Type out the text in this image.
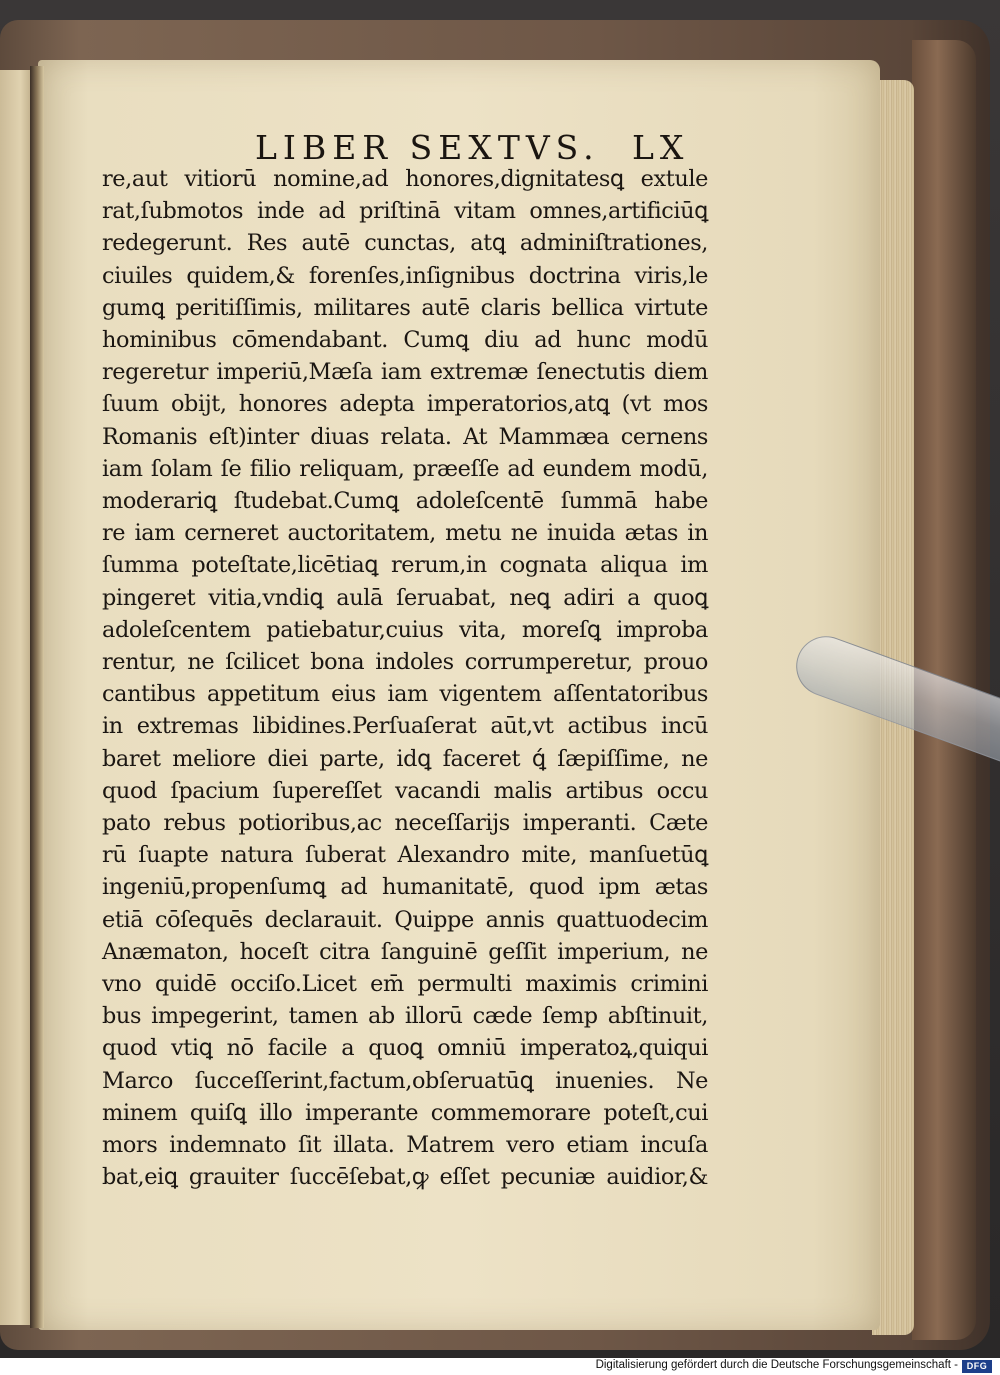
LIBER SEXTVS. LX
re,aut vitiorū nomine,ad honores,dignitatesꝗ extule
rat,ſubmotos inde ad priſtinā vitam omnes,artificiūꝗ
redegerunt. Res autē cunctas, atꝗ adminiſtrationes,
ciuiles quidem,& forenſes,inſignibus doctrina viris,le
gumꝗ peritiſſimis, militares autē claris bellica virtute
hominibus cōmendabant. Cumꝗ diu ad hunc modū
regeretur imperiū,Mæſa iam extremæ ſenectutis diem
ſuum obijt, honores adepta imperatorios,atꝗ (vt mos
Romanis eſt)inter diuas relata. At Mammæa cernens
iam ſolam ſe filio reliquam, præeſſe ad eundem modū,
moderariꝗ ſtudebat.Cumꝗ adoleſcentē ſummā habe
re iam cerneret auctoritatem, metu ne inuida ætas in
ſumma poteſtate,licētiaꝗ rerum,in cognata aliqua im
pingeret vitia,vndiꝗ aulā ſeruabat, neꝗ adiri a quoꝗ
adoleſcentem patiebatur,cuius vita, moreſꝗ improba
rentur, ne ſcilicet bona indoles corrumperetur, prouo
cantibus appetitum eius iam vigentem aſſentatoribus
in extremas libidines.Perſuaſerat aūt,vt actibus incū
baret meliore diei parte, idꝗ faceret ꝗ́ ſæpiſſime, ne
quod ſpacium ſupereſſet vacandi malis artibus occu
pato rebus potioribus,ac neceſſarijs imperanti. Cæte
rū ſuapte natura ſuberat Alexandro mite, manſuetūꝗ
ingeniū,propenſumꝗ ad humanitatē, quod ipm ætas
etiā cōſequēs declarauit. Quippe annis quattuodecim
Anæmaton, hoceſt citra ſanguinē geſſit imperium, ne
vno quidē occiſo.Licet em̄ permulti maximis crimini
bus impegerint, tamen ab illorū cæde ſemp abſtinuit,
quod vtiꝗ nō facile a quoꝗ omniū imperatoꝝ,quiqui
Marco ſucceſſerint,factum,obſeruatūꝗ inuenies. Ne
minem quiſꝗ illo imperante commemorare poteſt,cui
mors indemnato ſit illata. Matrem vero etiam incuſa
bat,eiꝗ grauiter ſuccēſebat,ꝙ eſſet pecuniæ auidior,&
Digitalisierung gefördert durch die Deutsche Forschungsgemeinschaft - DFG
